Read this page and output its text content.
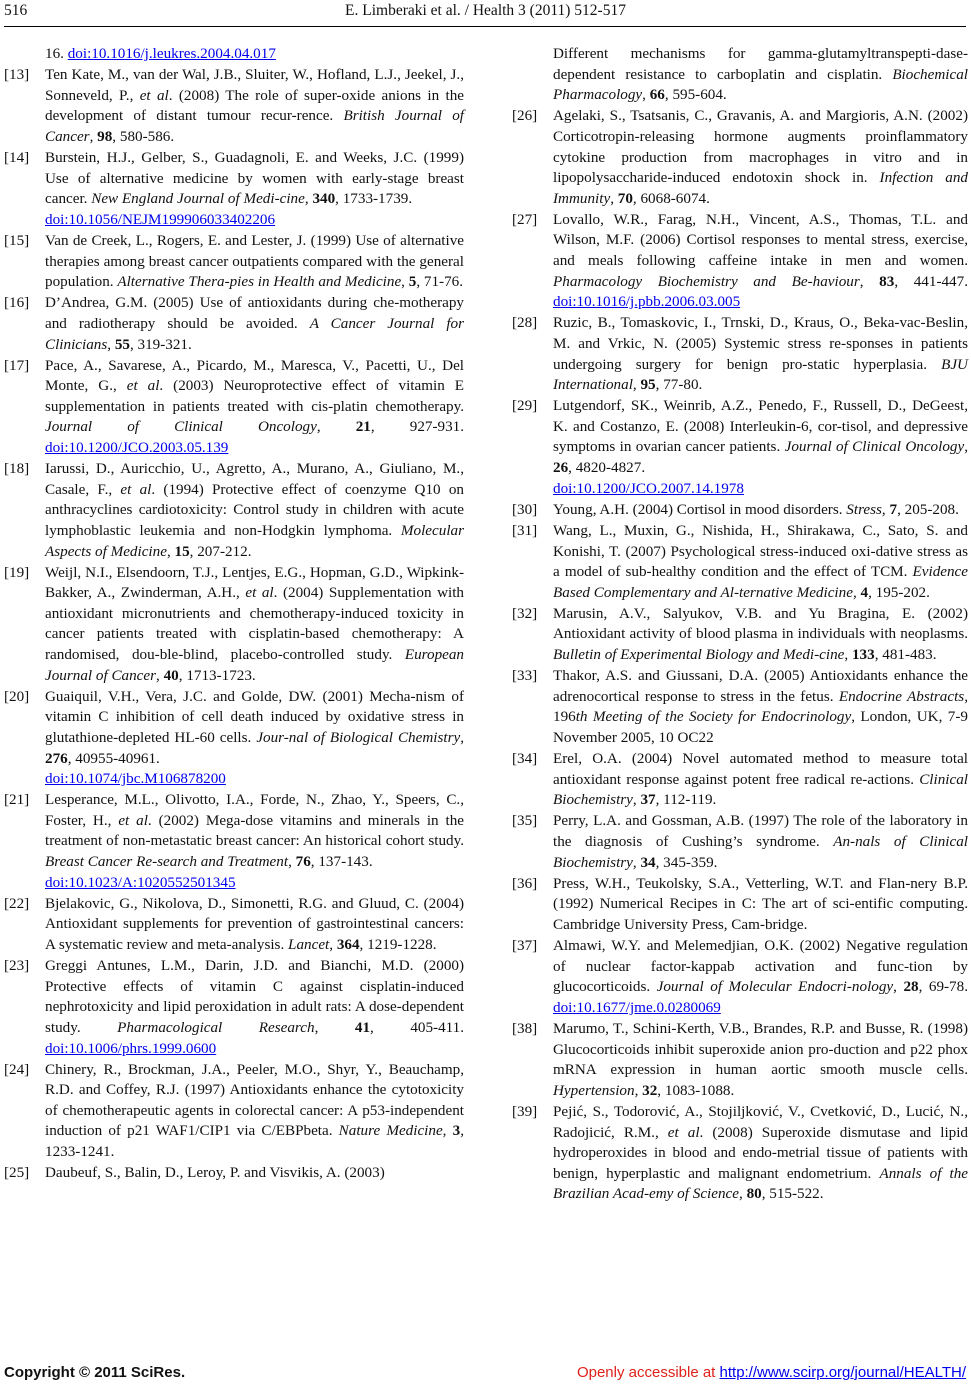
516	E. Limberaki et al. / Health 3 (2011) 512-517
16. doi:10.1016/j.leukres.2004.04.017
[13] Ten Kate, M., van der Wal, J.B., Sluiter, W., Hofland, L.J., Jeekel, J., Sonneveld, P., et al. (2008) The role of super-oxide anions in the development of distant tumour recur-rence. British Journal of Cancer, 98, 580-586.
[14] Burstein, H.J., Gelber, S., Guadagnoli, E. and Weeks, J.C. (1999) Use of alternative medicine by women with early-stage breast cancer. New England Journal of Medi-cine, 340, 1733-1739.
doi:10.1056/NEJM199906033402206
[15] Van de Creek, L., Rogers, E. and Lester, J. (1999) Use of alternative therapies among breast cancer outpatients compared with the general population. Alternative Thera-pies in Health and Medicine, 5, 71-76.
[16] D’Andrea, G.M. (2005) Use of antioxidants during che-motherapy and radiotherapy should be avoided. A Cancer Journal for Clinicians, 55, 319-321.
[17] Pace, A., Savarese, A., Picardo, M., Maresca, V., Pacetti, U., Del Monte, G., et al. (2003) Neuroprotective effect of vitamin E supplementation in patients treated with cis-platin chemotherapy. Journal of Clinical Oncology, 21, 927-931. doi:10.1200/JCO.2003.05.139
[18] Iarussi, D., Auricchio, U., Agretto, A., Murano, A., Giuliano, M., Casale, F., et al. (1994) Protective effect of coenzyme Q10 on anthracyclines cardiotoxicity: Control study in children with acute lymphoblastic leukemia and non-Hodgkin lymphoma. Molecular Aspects of Medicine, 15, 207-212.
[19] Weijl, N.I., Elsendoorn, T.J., Lentjes, E.G., Hopman, G.D., Wipkink-Bakker, A., Zwinderman, A.H., et al. (2004) Supplementation with antioxidant micronutrients and chemotherapy-induced toxicity in cancer patients treated with cisplatin-based chemotherapy: A randomised, dou-ble-blind, placebo-controlled study. European Journal of Cancer, 40, 1713-1723.
[20] Guaiquil, V.H., Vera, J.C. and Golde, DW. (2001) Mecha-nism of vitamin C inhibition of cell death induced by oxidative stress in glutathione-depleted HL-60 cells. Jour-nal of Biological Chemistry, 276, 40955-40961.
doi:10.1074/jbc.M106878200
[21] Lesperance, M.L., Olivotto, I.A., Forde, N., Zhao, Y., Speers, C., Foster, H., et al. (2002) Mega-dose vitamins and minerals in the treatment of non-metastatic breast cancer: An historical cohort study. Breast Cancer Re-search and Treatment, 76, 137-143.
doi:10.1023/A:1020552501345
[22] Bjelakovic, G., Nikolova, D., Simonetti, R.G. and Gluud, C. (2004) Antioxidant supplements for prevention of gastrointestinal cancers: A systematic review and meta-analysis. Lancet, 364, 1219-1228.
[23] Greggi Antunes, L.M., Darin, J.D. and Bianchi, M.D. (2000) Protective effects of vitamin C against cisplatin-induced nephrotoxicity and lipid peroxidation in adult rats: A dose-dependent study. Pharmacological Research, 41, 405-411. doi:10.1006/phrs.1999.0600
[24] Chinery, R., Brockman, J.A., Peeler, M.O., Shyr, Y., Beauchamp, R.D. and Coffey, R.J. (1997) Antioxidants enhance the cytotoxicity of chemotherapeutic agents in colorectal cancer: A p53-independent induction of p21 WAF1/CIP1 via C/EBPbeta. Nature Medicine, 3, 1233-1241.
[25] Daubeuf, S., Balin, D., Leroy, P. and Visvikis, A. (2003)
Different mechanisms for gamma-glutamyltranspepti-dase-dependent resistance to carboplatin and cisplatin. Biochemical Pharmacology, 66, 595-604.
[26] Agelaki, S., Tsatsanis, C., Gravanis, A. and Margioris, A.N. (2002) Corticotropin-releasing hormone augments proinflammatory cytokine production from macrophages in vitro and in lipopolysaccharide-induced endotoxin shock in. Infection and Immunity, 70, 6068-6074.
[27] Lovallo, W.R., Farag, N.H., Vincent, A.S., Thomas, T.L. and Wilson, M.F. (2006) Cortisol responses to mental stress, exercise, and meals following caffeine intake in men and women. Pharmacology Biochemistry and Be-haviour, 83, 441-447. doi:10.1016/j.pbb.2006.03.005
[28] Ruzic, B., Tomaskovic, I., Trnski, D., Kraus, O., Beka-vac-Beslin, M. and Vrkic, N. (2005) Systemic stress re-sponses in patients undergoing surgery for benign pro-static hyperplasia. BJU International, 95, 77-80.
[29] Lutgendorf, SK., Weinrib, A.Z., Penedo, F., Russell, D., DeGeest, K. and Costanzo, E. (2008) Interleukin-6, cor-tisol, and depressive symptoms in ovarian cancer patients. Journal of Clinical Oncology, 26, 4820-4827.
doi:10.1200/JCO.2007.14.1978
[30] Young, A.H. (2004) Cortisol in mood disorders. Stress, 7, 205-208.
[31] Wang, L., Muxin, G., Nishida, H., Shirakawa, C., Sato, S. and Konishi, T. (2007) Psychological stress-induced oxi-dative stress as a model of sub-healthy condition and the effect of TCM. Evidence Based Complementary and Al-ternative Medicine, 4, 195-202.
[32] Marusin, A.V., Salyukov, V.B. and Yu Bragina, E. (2002) Antioxidant activity of blood plasma in individuals with neoplasms. Bulletin of Experimental Biology and Medi-cine, 133, 481-483.
[33] Thakor, A.S. and Giussani, D.A. (2005) Antioxidants enhance the adrenocortical response to stress in the fetus. Endocrine Abstracts, 196th Meeting of the Society for Endocrinology, London, UK, 7-9 November 2005, 10 OC22
[34] Erel, O.A. (2004) Novel automated method to measure total antioxidant response against potent free radical re-actions. Clinical Biochemistry, 37, 112-119.
[35] Perry, L.A. and Gossman, A.B. (1997) The role of the laboratory in the diagnosis of Cushing’s syndrome. An-nals of Clinical Biochemistry, 34, 345-359.
[36] Press, W.H., Teukolsky, S.A., Vetterling, W.T. and Flan-nery B.P. (1992) Numerical Recipes in C: The art of sci-entific computing. Cambridge University Press, Cam-bridge.
[37] Almawi, W.Y. and Melemedjian, O.K. (2002) Negative regulation of nuclear factor-kappab activation and func-tion by glucocorticoids. Journal of Molecular Endocri-nology, 28, 69-78. doi:10.1677/jme.0.0280069
[38] Marumo, T., Schini-Kerth, V.B., Brandes, R.P. and Busse, R. (1998) Glucocorticoids inhibit superoxide anion pro-duction and p22 phox mRNA expression in human aortic smooth muscle cells. Hypertension, 32, 1083-1088.
[39] Pejić, S., Todorović, A., Stojiljković, V., Cvetković, D., Lucić, N., Radojicić, R.M., et al. (2008) Superoxide dismutase and lipid hydroperoxides in blood and endo-metrial tissue of patients with benign, hyperplastic and malignant endometrium. Annals of the Brazilian Acad-emy of Science, 80, 515-522.
Copyright © 2011 SciRes.	Openly accessible at http://www.scirp.org/journal/HEALTH/
